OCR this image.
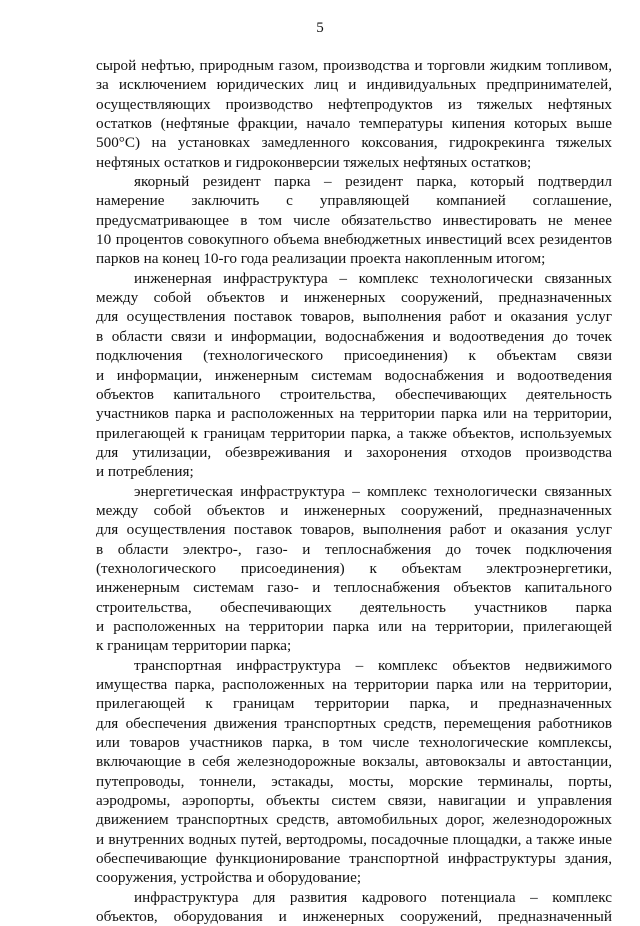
5
сырой нефтью, природным газом, производства и торговли жидким топливом,
за исключением юридических лиц и индивидуальных предпринимателей,
осуществляющих производство нефтепродуктов из тяжелых нефтяных
остатков (нефтяные фракции, начало температуры кипения которых выше
500°С) на установках замедленного коксования, гидрокрекинга тяжелых
нефтяных остатков и гидроконверсии тяжелых нефтяных остатков;
якорный резидент парка – резидент парка, который подтвердил
намерение заключить с управляющей компанией соглашение,
предусматривающее в том числе обязательство инвестировать не менее
10 процентов совокупного объема внебюджетных инвестиций всех резидентов
парков на конец 10-го года реализации проекта накопленным итогом;
инженерная инфраструктура – комплекс технологически связанных
между собой объектов и инженерных сооружений, предназначенных
для осуществления поставок товаров, выполнения работ и оказания услуг
в области связи и информации, водоснабжения и водоотведения до точек
подключения (технологического присоединения) к объектам связи
и информации, инженерным системам водоснабжения и водоотведения
объектов капитального строительства, обеспечивающих деятельность
участников парка и расположенных на территории парка или на территории,
прилегающей к границам территории парка, а также объектов, используемых
для утилизации, обезвреживания и захоронения отходов производства
и потребления;
энергетическая инфраструктура – комплекс технологически связанных
между собой объектов и инженерных сооружений, предназначенных
для осуществления поставок товаров, выполнения работ и оказания услуг
в области электро-, газо- и теплоснабжения до точек подключения
(технологического присоединения) к объектам электроэнергетики,
инженерным системам газо- и теплоснабжения объектов капитального
строительства, обеспечивающих деятельность участников парка
и расположенных на территории парка или на территории, прилегающей
к границам территории парка;
транспортная инфраструктура – комплекс объектов недвижимого
имущества парка, расположенных на территории парка или на территории,
прилегающей к границам территории парка, и предназначенных
для обеспечения движения транспортных средств, перемещения работников
или товаров участников парка, в том числе технологические комплексы,
включающие в себя железнодорожные вокзалы, автовокзалы и автостанции,
путепроводы, тоннели, эстакады, мосты, морские терминалы, порты,
аэродромы, аэропорты, объекты систем связи, навигации и управления
движением транспортных средств, автомобильных дорог, железнодорожных
и внутренних водных путей, вертодромы, посадочные площадки, а также иные
обеспечивающие функционирование транспортной инфраструктуры здания,
сооружения, устройства и оборудование;
инфраструктура для развития кадрового потенциала – комплекс
объектов, оборудования и инженерных сооружений, предназначенный
